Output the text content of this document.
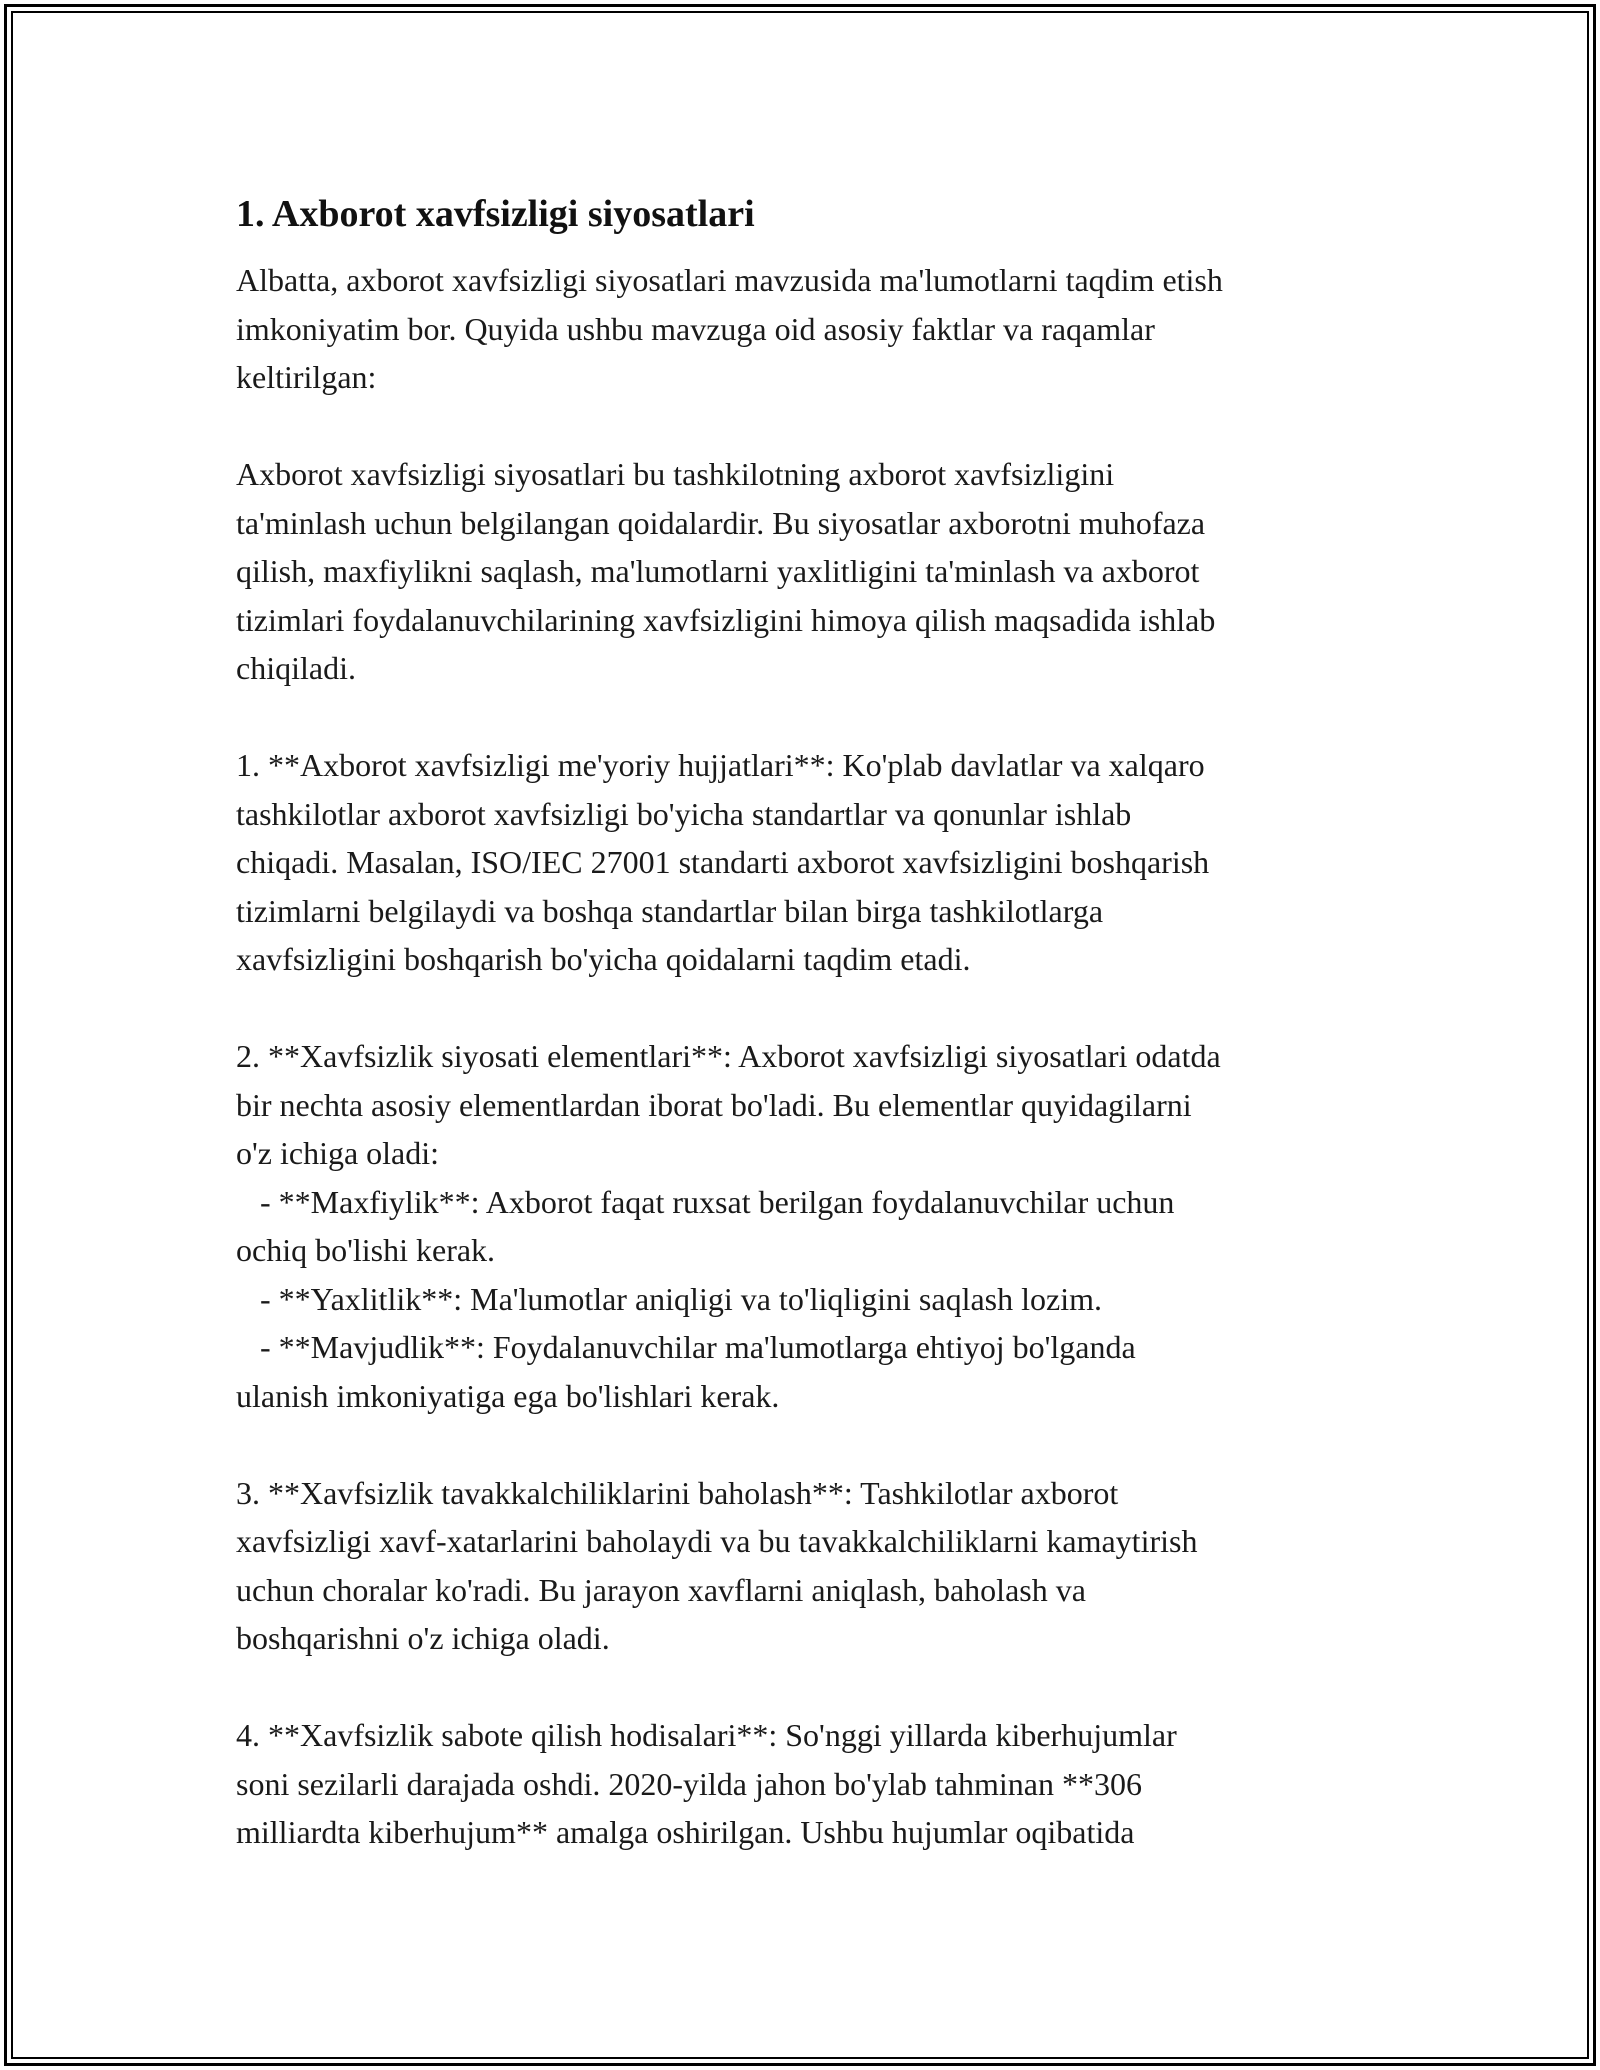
1. Axborot xavfsizligi siyosatlari

Albatta, axborot xavfsizligi siyosatlari mavzusida ma'lumotlarni taqdim etish
imkoniyatim bor. Quyida ushbu mavzuga oid asosiy faktlar va raqamlar
keltirilgan:

Axborot xavfsizligi siyosatlari bu tashkilotning axborot xavfsizligini
ta'minlash uchun belgilangan qoidalardir. Bu siyosatlar axborotni muhofaza
qilish, maxfiylikni saqlash, ma'lumotlarni yaxlitligini ta'minlash va axborot
tizimlari foydalanuvchilarining xavfsizligini himoya qilish maqsadida ishlab
chiqiladi.

1. **Axborot xavfsizligi me'yoriy hujjatlari**: Ko'plab davlatlar va xalqaro
tashkilotlar axborot xavfsizligi bo'yicha standartlar va qonunlar ishlab
chiqadi. Masalan, ISO/IEC 27001 standarti axborot xavfsizligini boshqarish
tizimlarni belgilaydi va boshqa standartlar bilan birga tashkilotlarga
xavfsizligini boshqarish bo'yicha qoidalarni taqdim etadi.

2. **Xavfsizlik siyosati elementlari**: Axborot xavfsizligi siyosatlari odatda
bir nechta asosiy elementlardan iborat bo'ladi. Bu elementlar quyidagilarni
o'z ichiga oladi:
- **Maxfiylik**: Axborot faqat ruxsat berilgan foydalanuvchilar uchun
ochiq bo'lishi kerak.
- **Yaxlitlik**: Ma'lumotlar aniqligi va to'liqligini saqlash lozim.
- **Mavjudlik**: Foydalanuvchilar ma'lumotlarga ehtiyoj bo'lganda
ulanish imkoniyatiga ega bo'lishlari kerak.

3. **Xavfsizlik tavakkalchiliklarini baholash**: Tashkilotlar axborot
xavfsizligi xavf-xatarlarini baholaydi va bu tavakkalchiliklarni kamaytirish
uchun choralar ko'radi. Bu jarayon xavflarni aniqlash, baholash va
boshqarishni o'z ichiga oladi.

4. **Xavfsizlik sabote qilish hodisalari**: So'nggi yillarda kiberhujumlar
soni sezilarli darajada oshdi. 2020-yilda jahon bo'ylab tahminan **306
milliardta kiberhujum** amalga oshirilgan. Ushbu hujumlar oqibatida
